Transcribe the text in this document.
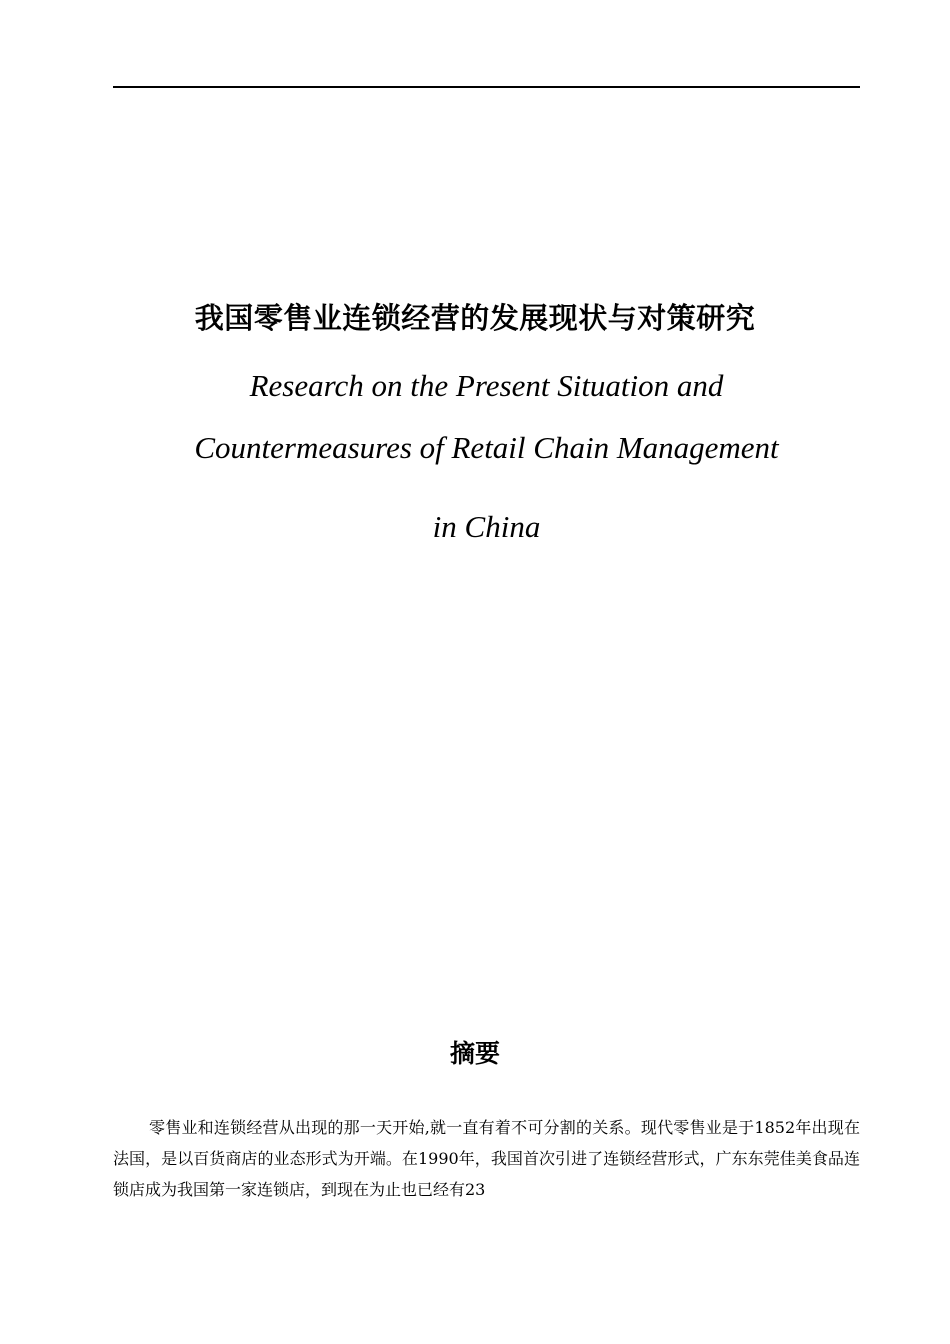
我国零售业连锁经营的发展现状与对策研究
Research on the Present Situation and
Countermeasures of Retail Chain Management
in China
摘要

零售业和连锁经营从出现的那一天开始,就一直有着不可分割的关系。现代零售业是于1852年出现在法国，是以百货商店的业态形式为开端。在1990年，我国首次引进了连锁经营形式，广东东莞佳美食品连锁店成为我国第一家连锁店，到现在为止也已经有23
